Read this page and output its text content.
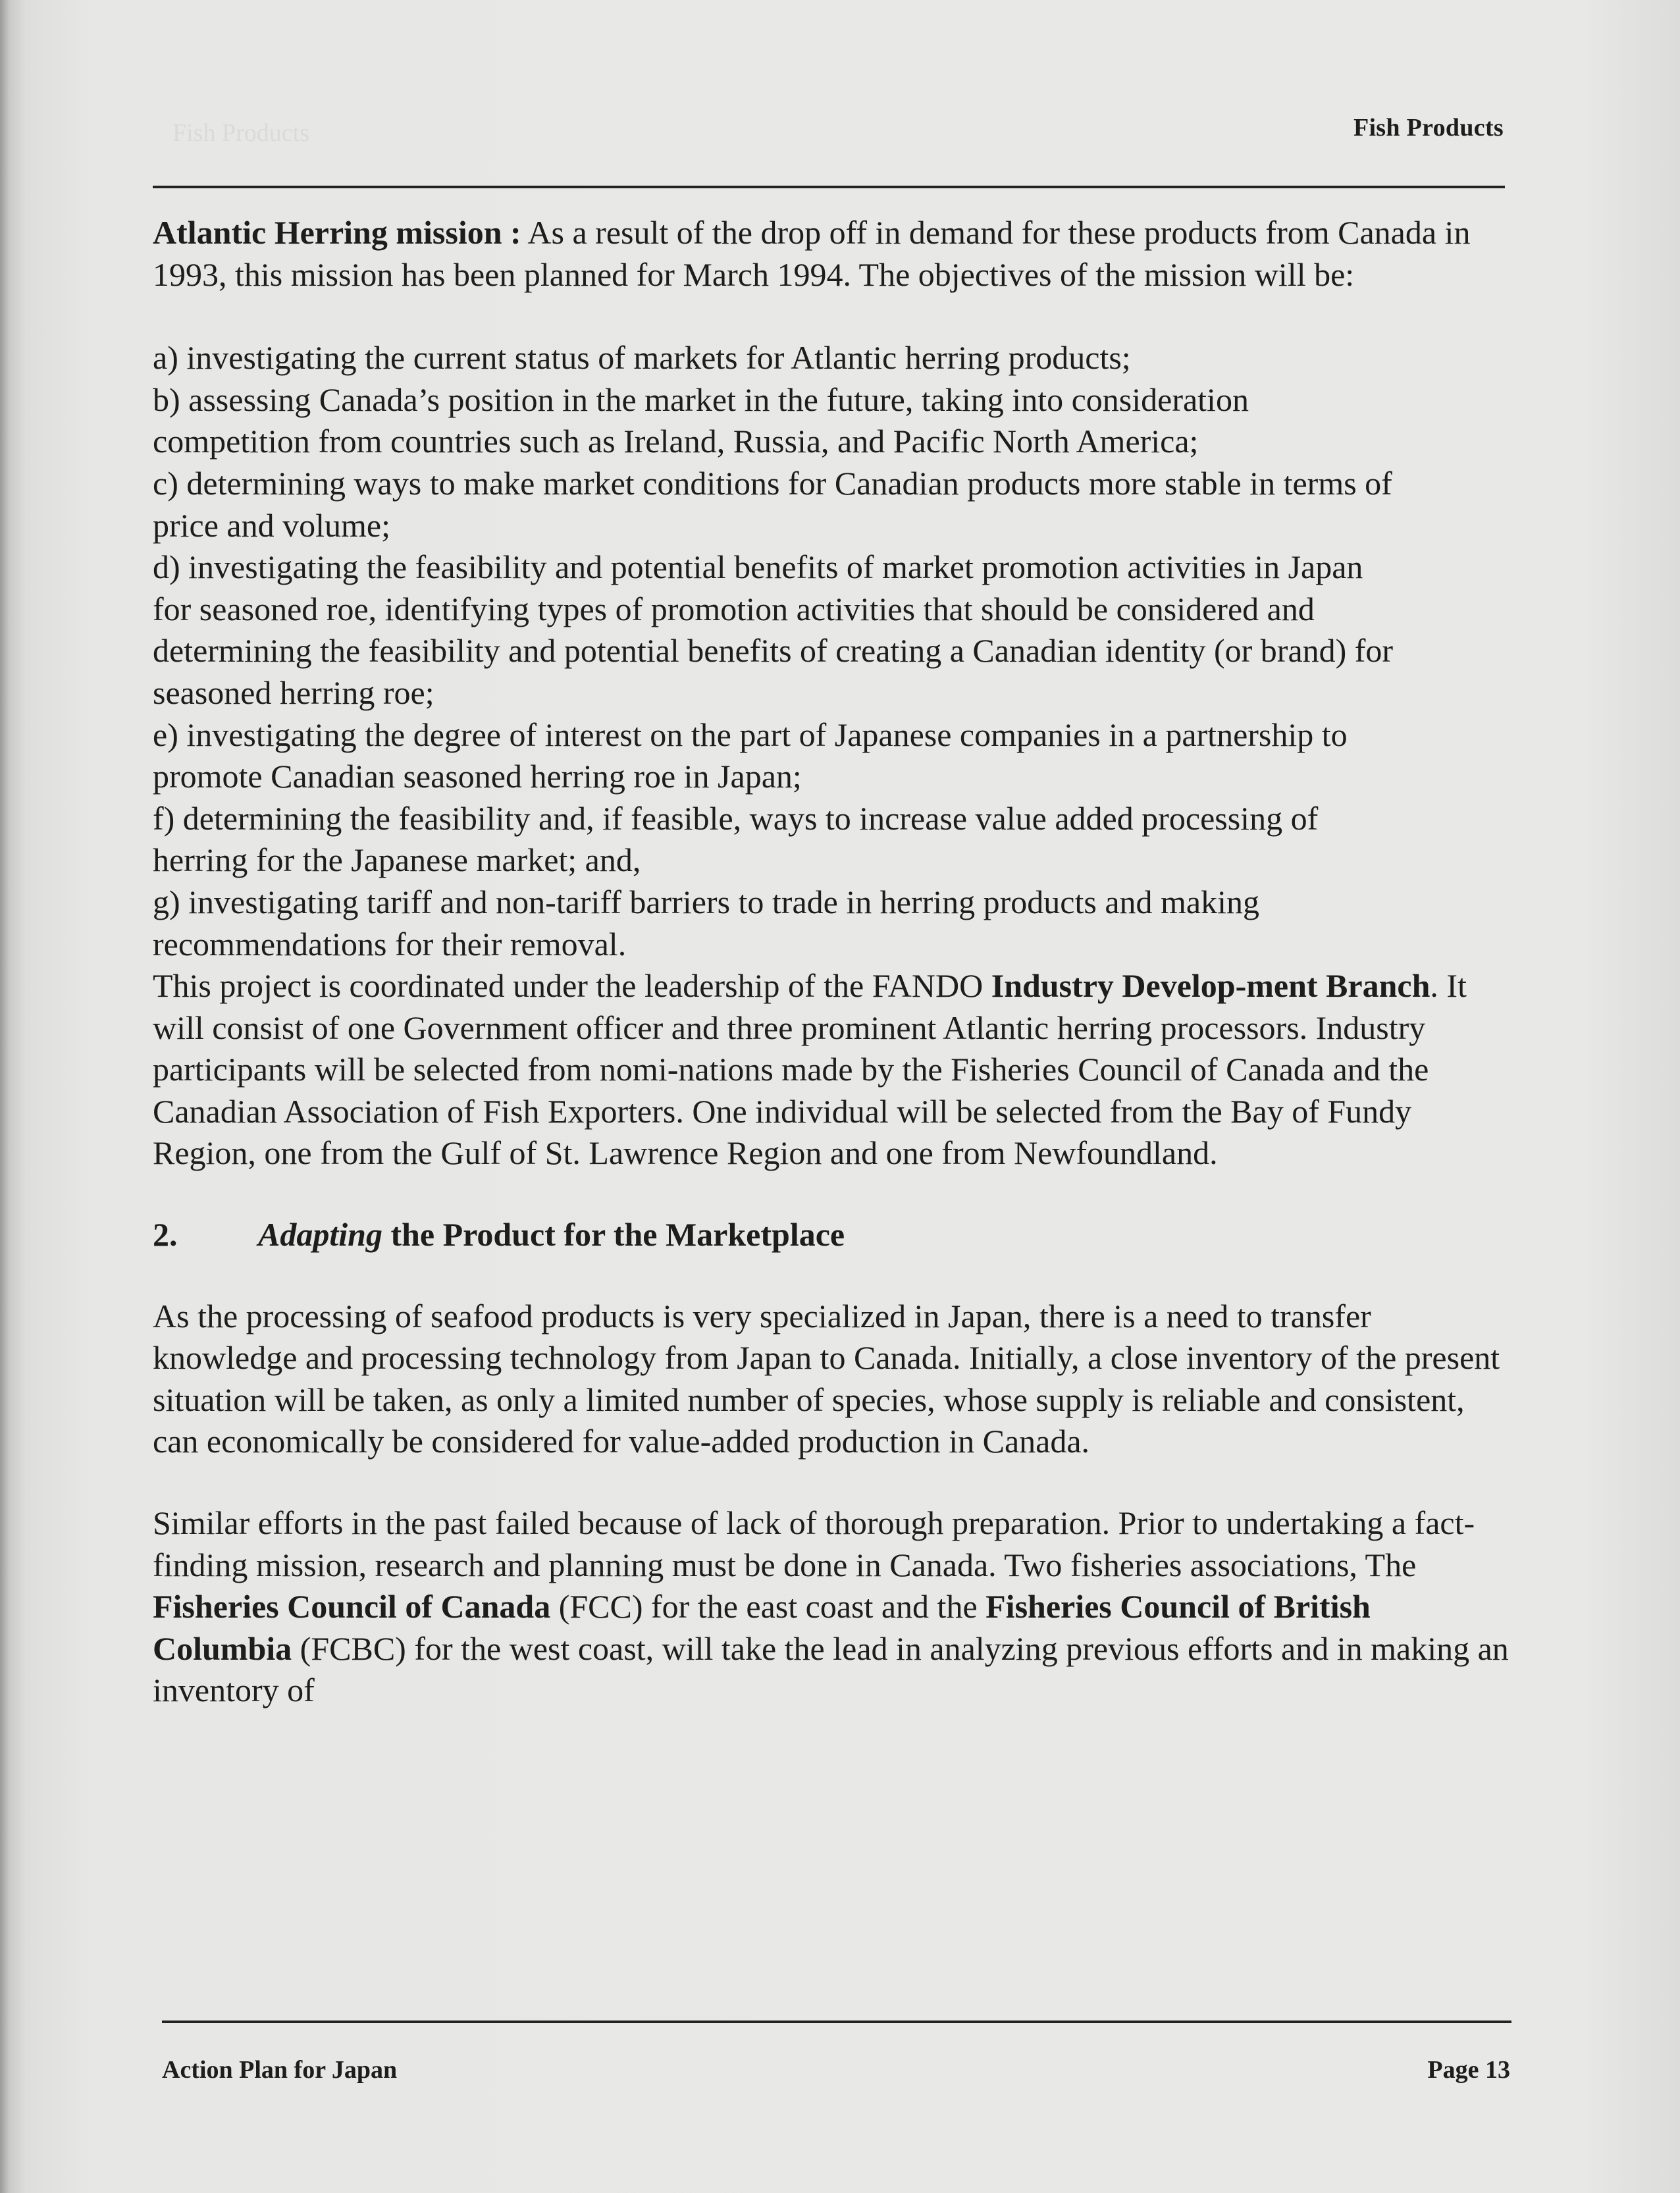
Fish Products	Fish Products

Atlantic Herring mission : As a result of the drop off in demand for these products from Canada in 1993, this mission has been planned for March 1994. The objectives of the mission will be:

a) investigating the current status of markets for Atlantic herring products;
b) assessing Canada’s position in the market in the future, taking into consideration competition from countries such as Ireland, Russia, and Pacific North America;
c) determining ways to make market conditions for Canadian products more stable in terms of price and volume;
d) investigating the feasibility and potential benefits of market promotion activities in Japan for seasoned roe, identifying types of promotion activities that should be considered and determining the feasibility and potential benefits of creating a Canadian identity (or brand) for seasoned herring roe;
e) investigating the degree of interest on the part of Japanese companies in a partnership to promote Canadian seasoned herring roe in Japan;
f) determining the feasibility and, if feasible, ways to increase value added processing of herring for the Japanese market; and,
g) investigating tariff and non-tariff barriers to trade in herring products and making recommendations for their removal.

This project is coordinated under the leadership of the FANDO Industry Develop-ment Branch. It will consist of one Government officer and three prominent Atlantic herring processors. Industry participants will be selected from nomi-nations made by the Fisheries Council of Canada and the Canadian Association of Fish Exporters. One individual will be selected from the Bay of Fundy Region, one from the Gulf of St. Lawrence Region and one from Newfoundland.

2. Adapting the Product for the Marketplace

As the processing of seafood products is very specialized in Japan, there is a need to transfer knowledge and processing technology from Japan to Canada. Initially, a close inventory of the present situation will be taken, as only a limited number of species, whose supply is reliable and consistent, can economically be considered for value-added production in Canada.

Similar efforts in the past failed because of lack of thorough preparation. Prior to undertaking a fact-finding mission, research and planning must be done in Canada. Two fisheries associations, The Fisheries Council of Canada (FCC) for the east coast and the Fisheries Council of British Columbia (FCBC) for the west coast, will take the lead in analyzing previous efforts and in making an inventory of

Action Plan for Japan	Page 13
